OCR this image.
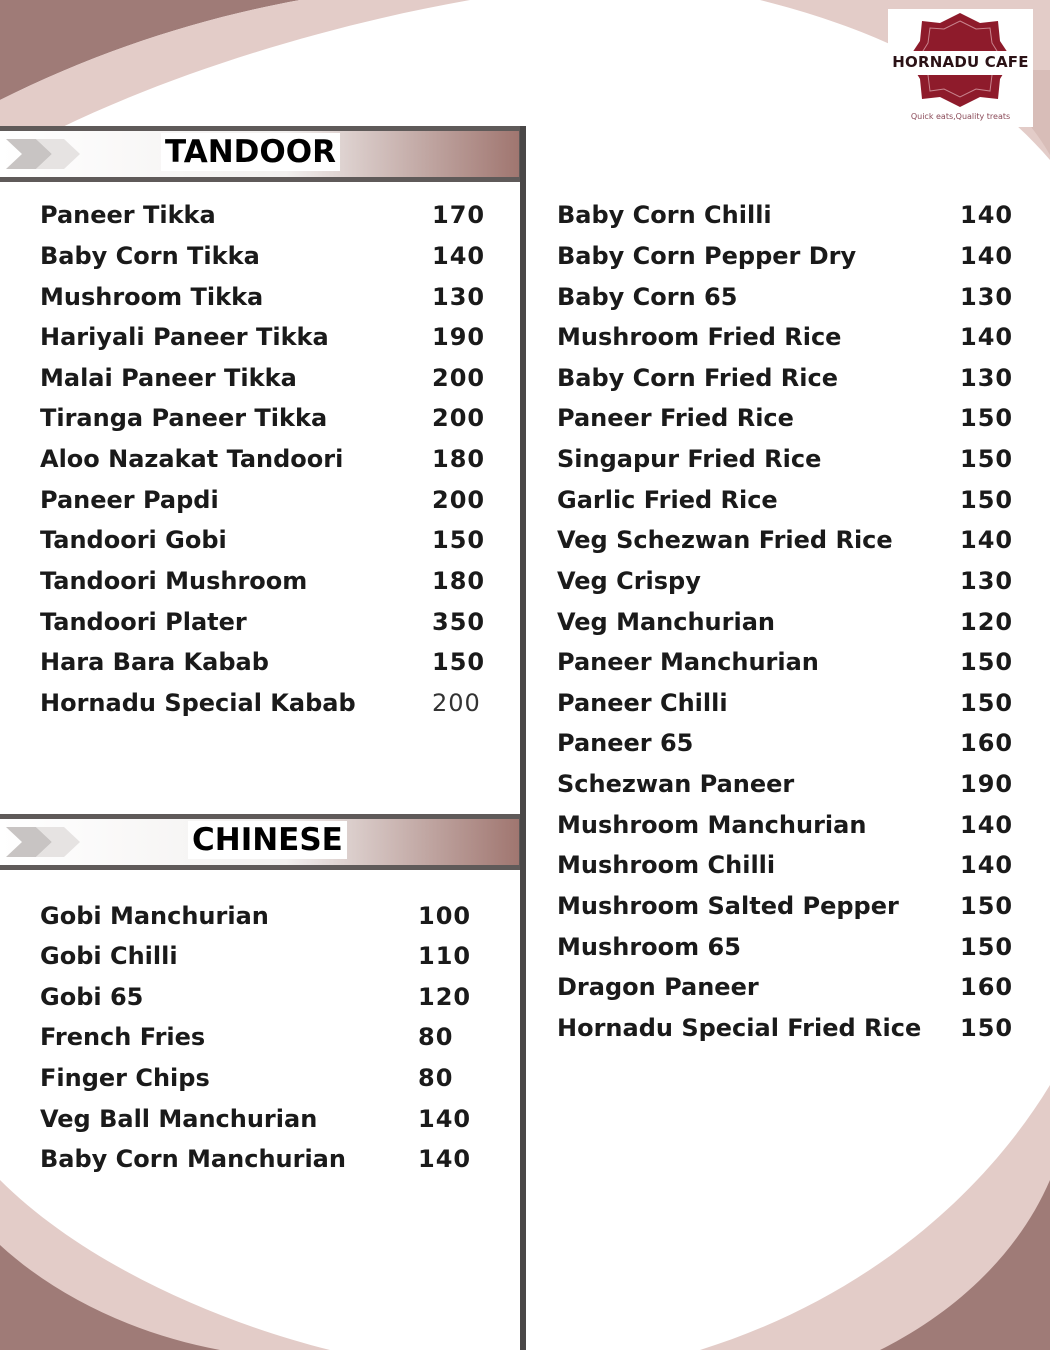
HORNADU CAFE
Quick eats,Quality treats
TANDOOR
CHINESE
Paneer Tikka	170
Baby Corn Tikka	140
Mushroom Tikka	130
Hariyali Paneer Tikka	190
Malai Paneer Tikka	200
Tiranga Paneer Tikka	200
Aloo Nazakat Tandoori	180
Paneer Papdi	200
Tandoori Gobi	150
Tandoori Mushroom	180
Tandoori Plater	350
Hara Bara Kabab	150
Hornadu Special Kabab	200
Gobi Manchurian	100
Gobi Chilli	110
Gobi 65	120
French Fries	80
Finger Chips	80
Veg Ball Manchurian	140
Baby Corn Manchurian	140
Baby Corn Chilli	140
Baby Corn Pepper Dry	140
Baby Corn 65	130
Mushroom Fried Rice	140
Baby Corn Fried Rice	130
Paneer Fried Rice	150
Singapur Fried Rice	150
Garlic Fried Rice	150
Veg Schezwan Fried Rice	140
Veg Crispy	130
Veg Manchurian	120
Paneer Manchurian	150
Paneer Chilli	150
Paneer 65	160
Schezwan Paneer	190
Mushroom Manchurian	140
Mushroom Chilli	140
Mushroom Salted Pepper	150
Mushroom 65	150
Dragon Paneer	160
Hornadu Special Fried Rice 150
